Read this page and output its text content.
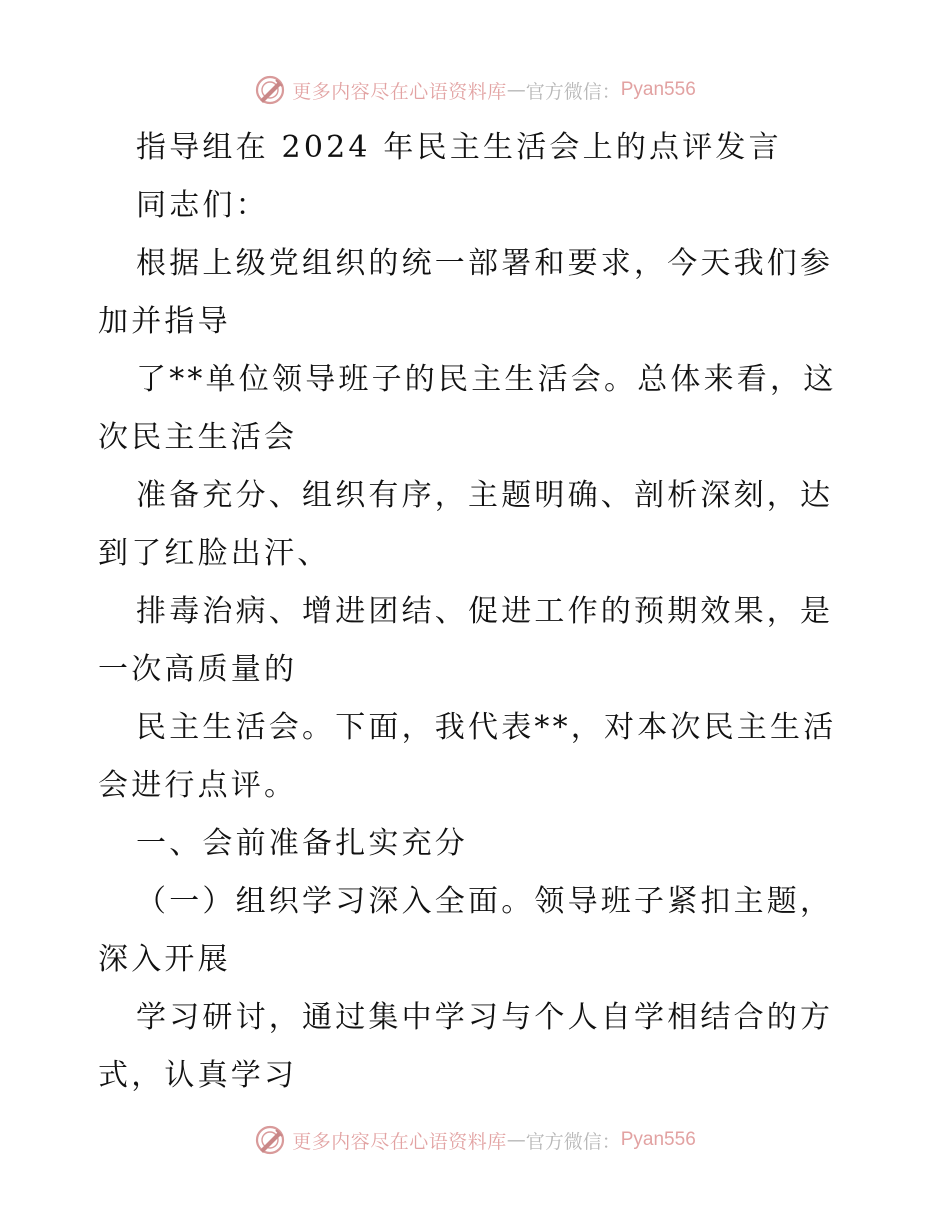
更多内容尽在心语资料库 — 官方微信： Pyan556
指导组在 2024 年民主生活会上的点评发言
同志们：
根据上级党组织的统一部署和要求，今天我们参
加并指导
了**单位领导班子的民主生活会。总体来看，这
次民主生活会
准备充分、组织有序，主题明确、剖析深刻，达
到了红脸出汗、
排毒治病、增进团结、促进工作的预期效果，是
一次高质量的
民主生活会。下面，我代表**，对本次民主生活
会进行点评。
一、会前准备扎实充分
（一）组织学习深入全面。领导班子紧扣主题，
深入开展
学习研讨，通过集中学习与个人自学相结合的方
式，认真学习
更多内容尽在心语资料库 — 官方微信： Pyan556
